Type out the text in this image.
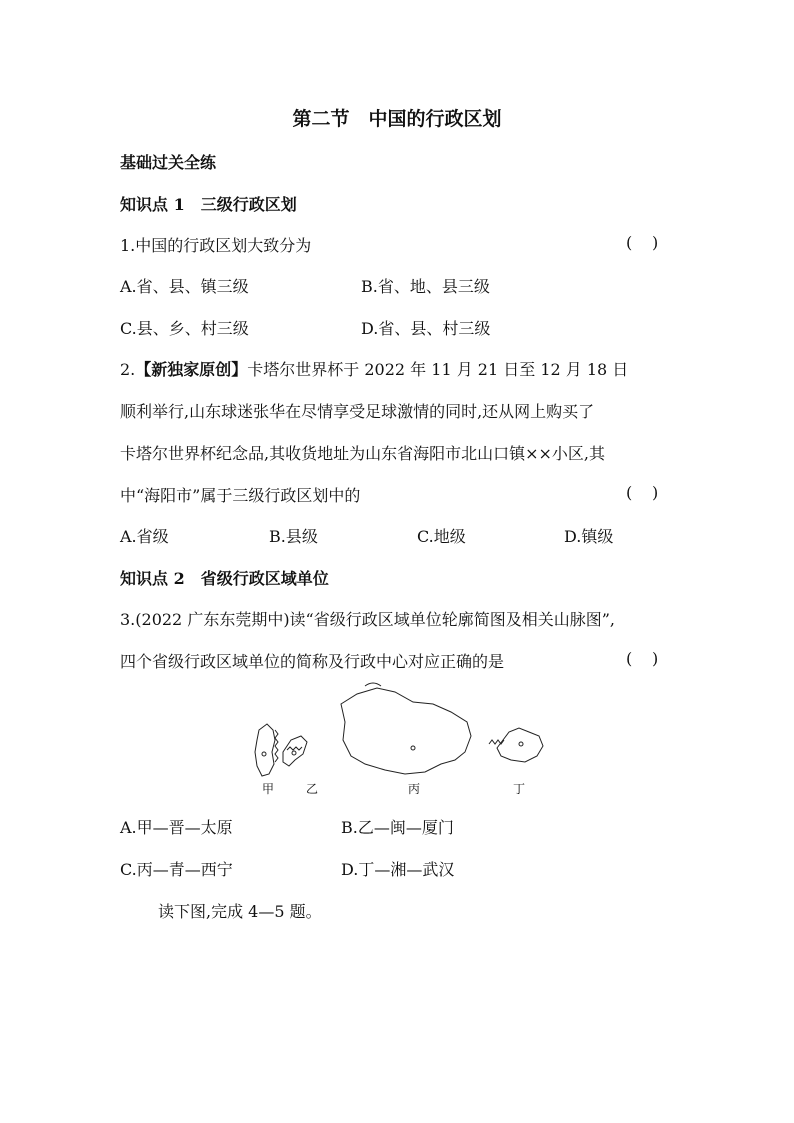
第二节　中国的行政区划
基础过关全练
知识点 1　三级行政区划
1.中国的行政区划大致分为	( )
A.省、县、镇三级	B.省、地、县三级
C.县、乡、村三级	D.省、县、村三级
2.【新独家原创】卡塔尔世界杯于 2022 年 11 月 21 日至 12 月 18 日
顺利举行,山东球迷张华在尽情享受足球激情的同时,还从网上购买了
卡塔尔世界杯纪念品,其收货地址为山东省海阳市北山口镇××小区,其
中“海阳市”属于三级行政区划中的	( )
A.省级	B.县级	C.地级	D.镇级
知识点 2　省级行政区域单位
3.(2022 广东东莞期中)读“省级行政区域单位轮廓简图及相关山脉图”,
四个省级行政区域单位的简称及行政中心对应正确的是	( )
甲	乙	丙	丁
A.甲—晋—太原	B.乙—闽—厦门
C.丙—青—西宁	D.丁—湘—武汉
读下图,完成 4—5 题。
